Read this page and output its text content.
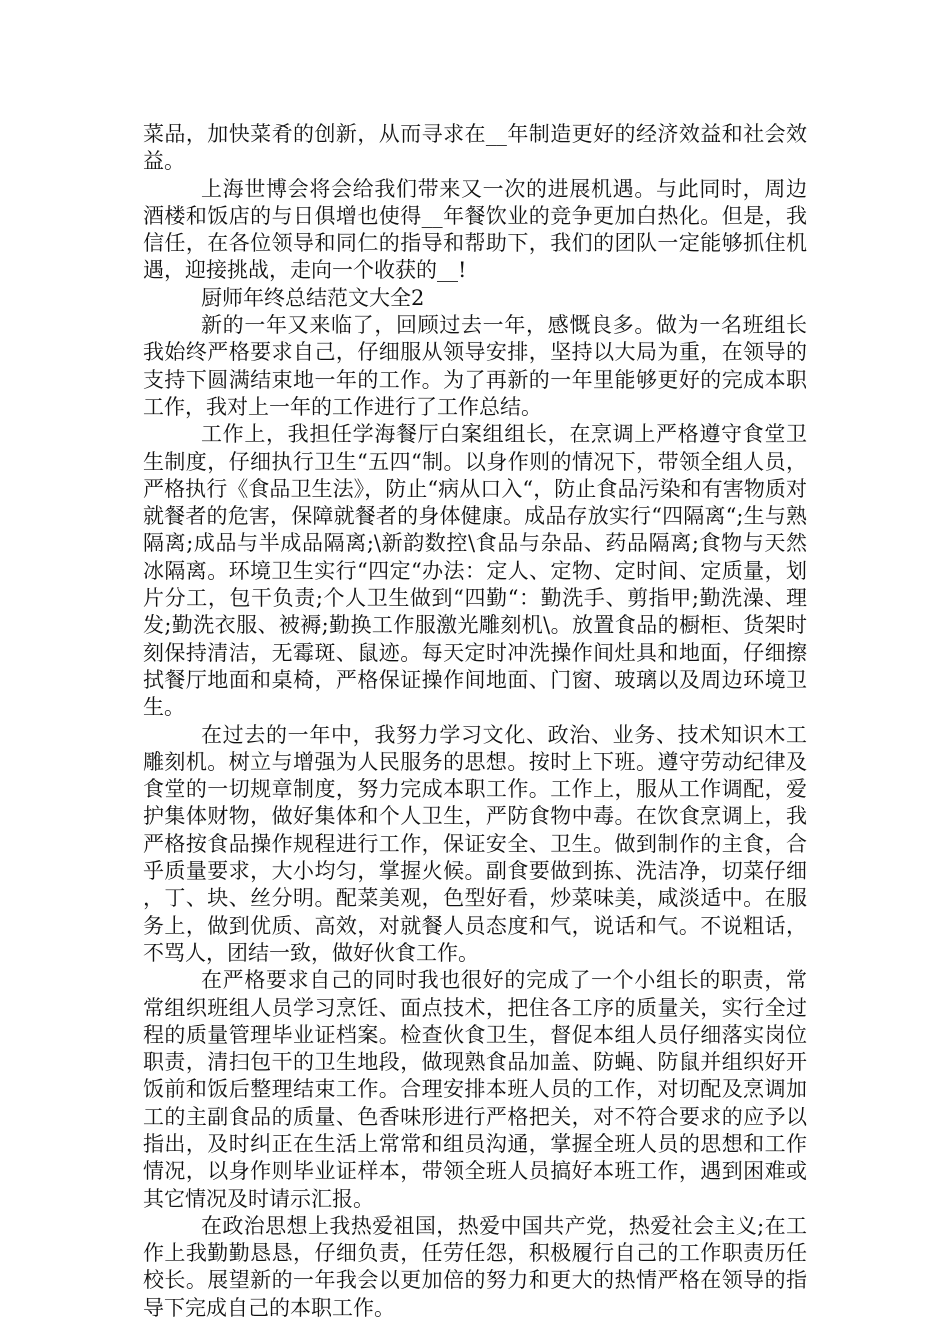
菜品，加快菜肴的创新，从而寻求在__年制造更好的经济效益和社会效益。

上海世博会将会给我们带来又一次的进展机遇。与此同时，周边酒楼和饭店的与日俱增也使得__年餐饮业的竞争更加白热化。但是，我信任，在各位领导和同仁的指导和帮助下，我们的团队一定能够抓住机遇，迎接挑战，走向一个收获的__!

厨师年终总结范文大全2

新的一年又来临了，回顾过去一年，感慨良多。做为一名班组长我始终严格要求自己，仔细服从领导安排，坚持以大局为重，在领导的支持下圆满结束地一年的工作。为了再新的一年里能够更好的完成本职工作，我对上一年的工作进行了工作总结。

工作上，我担任学海餐厅白案组组长，在烹调上严格遵守食堂卫生制度，仔细执行卫生“五四“制。以身作则的情况下，带领全组人员，严格执行《食品卫生法》，防止“病从口入“，防止食品污染和有害物质对就餐者的危害，保障就餐者的身体健康。成品存放实行“四隔离“;生与熟隔离;成品与半成品隔离;\新韵数控\食品与杂品、药品隔离;食物与天然冰隔离。环境卫生实行“四定“办法：定人、定物、定时间、定质量，划片分工，包干负责;个人卫生做到“四勤“：勤洗手、剪指甲;勤洗澡、理发;勤洗衣服、被褥;勤换工作服激光雕刻机\。放置食品的橱柜、货架时刻保持清洁，无霉斑、鼠迹。每天定时冲洗操作间灶具和地面，仔细擦拭餐厅地面和桌椅，严格保证操作间地面、门窗、玻璃以及周边环境卫生。

在过去的一年中，我努力学习文化、政治、业务、技术知识木工雕刻机。树立与增强为人民服务的思想。按时上下班。遵守劳动纪律及食堂的一切规章制度，努力完成本职工作。工作上，服从工作调配，爱护集体财物，做好集体和个人卫生，严防食物中毒。在饮食烹调上，我严格按食品操作规程进行工作，保证安全、卫生。做到制作的主食，合乎质量要求，大小均匀，掌握火候。副食要做到拣、洗洁净，切菜仔细，丁、块、丝分明。配菜美观，色型好看，炒菜味美，咸淡适中。在服务上，做到优质、高效，对就餐人员态度和气，说话和气。不说粗话，不骂人，团结一致，做好伙食工作。

在严格要求自己的同时我也很好的完成了一个小组长的职责，常常组织班组人员学习烹饪、面点技术，把住各工序的质量关，实行全过程的质量管理毕业证档案。检查伙食卫生，督促本组人员仔细落实岗位职责，清扫包干的卫生地段，做现熟食品加盖、防蝇、防鼠并组织好开饭前和饭后整理结束工作。合理安排本班人员的工作，对切配及烹调加工的主副食品的质量、色香味形进行严格把关，对不符合要求的应予以指出，及时纠正在生活上常常和组员沟通，掌握全班人员的思想和工作情况，以身作则毕业证样本，带领全班人员搞好本班工作，遇到困难或其它情况及时请示汇报。

在政治思想上我热爱祖国，热爱中国共产党，热爱社会主义;在工作上我勤勤恳恳，仔细负责，任劳任怨，积极履行自己的工作职责历任校长。展望新的一年我会以更加倍的努力和更大的热情严格在领导的指导下完成自己的本职工作。
